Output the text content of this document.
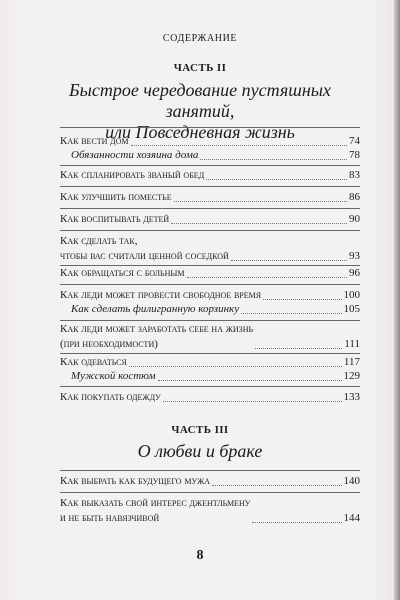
СОДЕРЖАНИЕ
ЧАСТЬ II
Быстрое чередование пустяшных занятий,
или Повседневная жизнь
Как вести дом	74
Обязанности хозяина дома	78
Как спланировать званый обед	83
Как улучшить поместье	86
Как воспитывать детей	90
Как сделать так,
чтобы вас считали ценной соседкой	93
Как обращаться с больным	96
Как леди может провести свободное время	100
Как сделать филигранную корзинку	105
Как леди может заработать себе на жизнь
(при необходимости)	111
Как одеваться	117
Мужской костюм	129
Как покупать одежду	133
ЧАСТЬ III
О любви и браке
Как выбрать как будущего мужа	140
Как выказать свой интерес джентльмену
и не быть навязчивой	144
8
